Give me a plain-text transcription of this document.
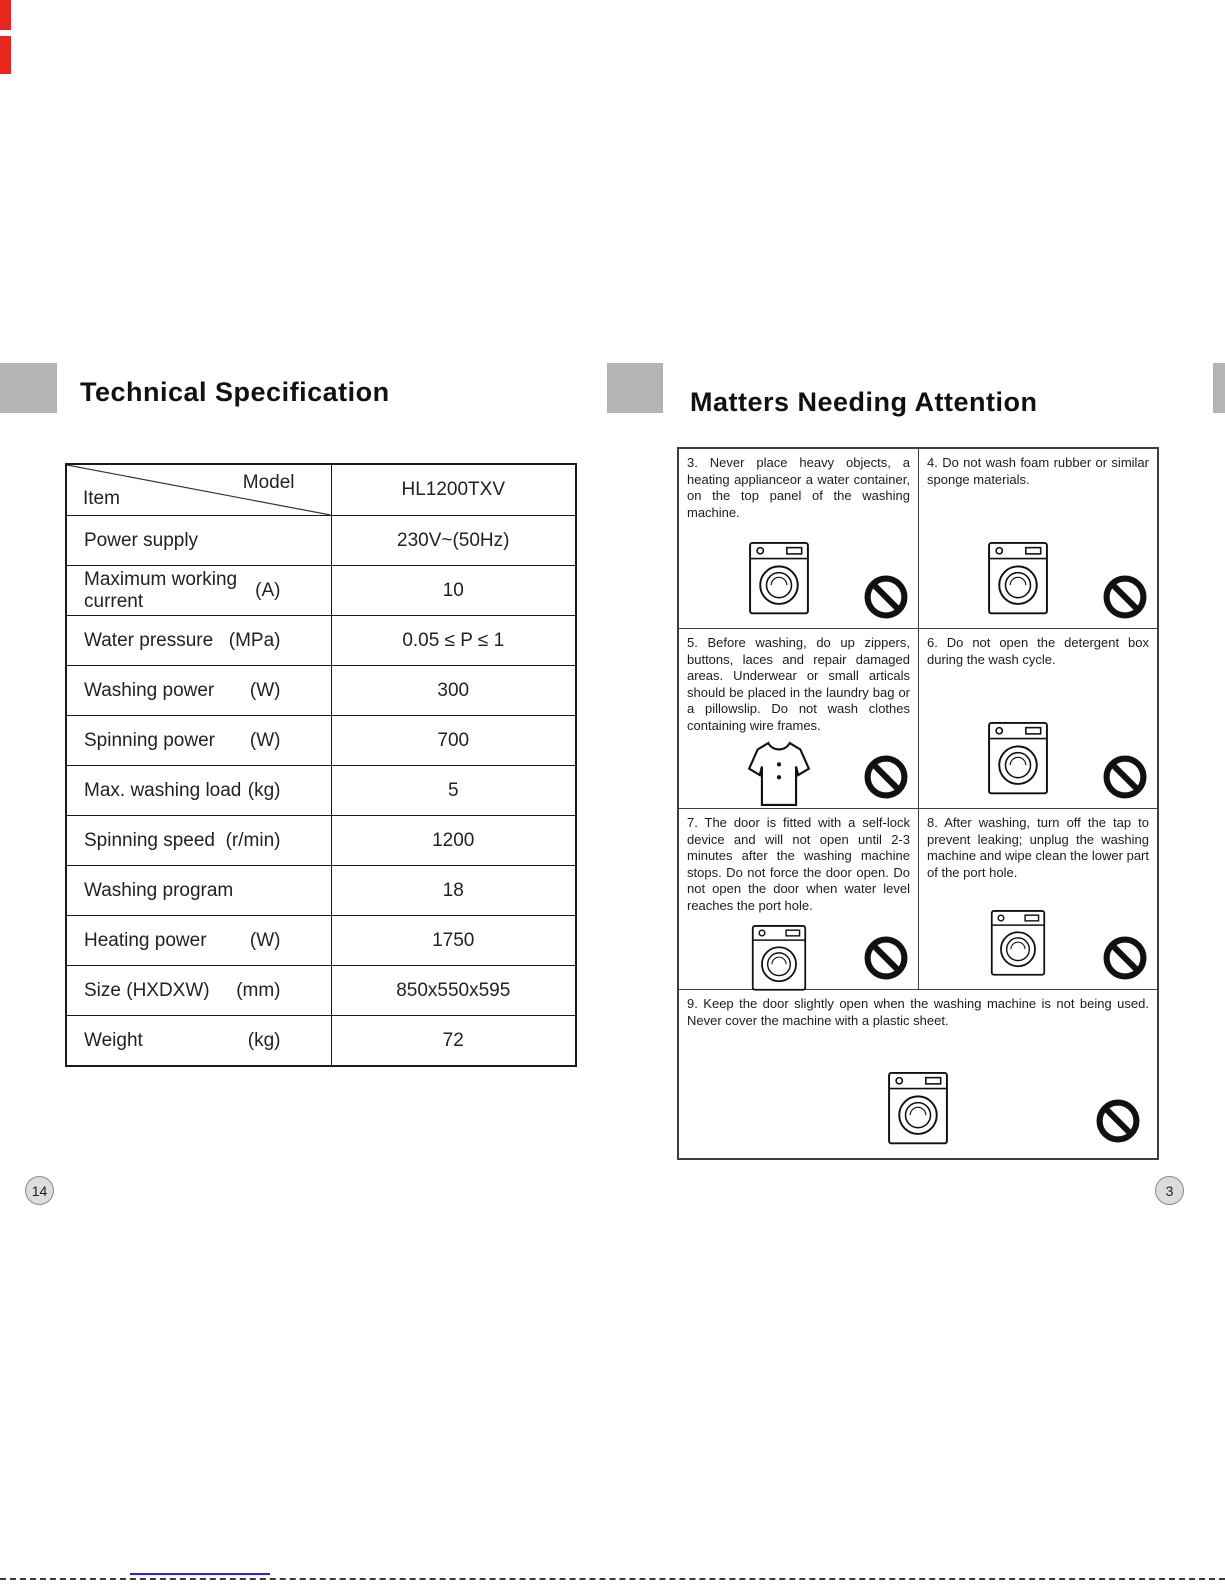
Technical Specification	Matters Needing Attention
Item
Model	HL1200TXV

Power supply	230V~(50Hz)

Maximum working current
(A)	10

Water pressure (MPa)	0.05 ≤ P ≤ 1

Washing power (W)	300

Spinning power (W)	700

Max. washing load (kg)	5

Spinning speed (r/min)	1200

Washing program	18

Heating power (W)	1750

Size (HXDXW) (mm)	850x550x595

Weight (kg)	72

3. Never place heavy objects, a heating applianceor a water container, on the top panel of the washing machine.

4. Do not wash foam rubber or similar sponge materials.

5. Before washing, do up zippers, buttons, laces and repair damaged areas. Underwear or small articals should be placed in the laundry bag or a pillowslip. Do not wash clothes containing wire frames.

6. Do not open the detergent box during the wash cycle.

7. The door is fitted with a self-lock device and will not open until 2-3 minutes after the washing machine stops. Do not force the door open. Do not open the door when water level reaches the port hole.

8. After washing, turn off the tap to prevent leaking; unplug the washing machine and wipe clean the lower part of the port hole.

9. Keep the door slightly open when the washing machine is not being used. Never cover the machine with a plastic sheet.

14	3
